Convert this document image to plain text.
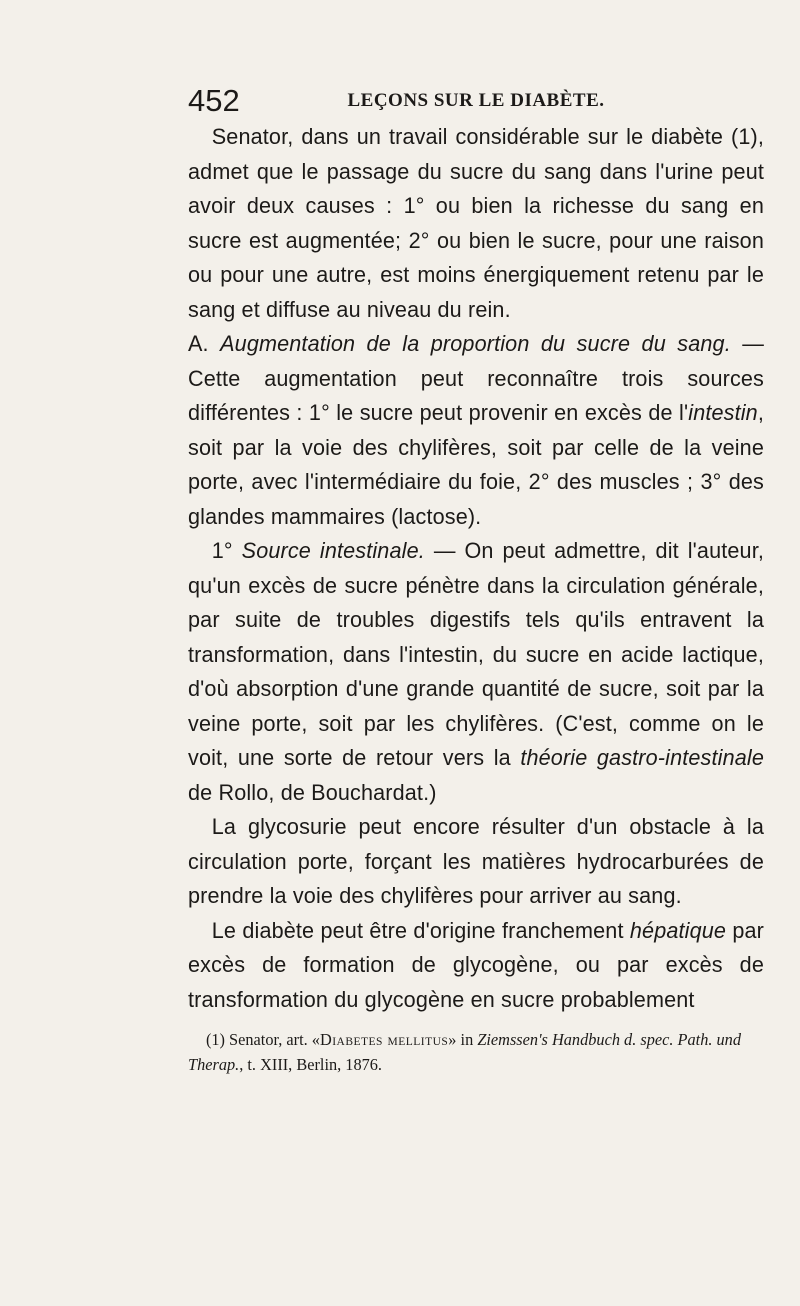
452	LEÇONS SUR LE DIABÈTE.

Senator, dans un travail considérable sur le diabète (1), admet que le passage du sucre du sang dans l'urine peut avoir deux causes : 1° ou bien la richesse du sang en sucre est augmentée; 2° ou bien le sucre, pour une raison ou pour une autre, est moins énergiquement retenu par le sang et diffuse au niveau du rein.

A. Augmentation de la proportion du sucre du sang. — Cette augmentation peut reconnaître trois sources différentes : 1° le sucre peut provenir en excès de l'intestin, soit par la voie des chylifères, soit par celle de la veine porte, avec l'intermédiaire du foie, 2° des muscles ; 3° des glandes mammaires (lactose).

1° Source intestinale. — On peut admettre, dit l'auteur, qu'un excès de sucre pénètre dans la circulation générale, par suite de troubles digestifs tels qu'ils entravent la transformation, dans l'intestin, du sucre en acide lactique, d'où absorption d'une grande quantité de sucre, soit par la veine porte, soit par les chylifères. (C'est, comme on le voit, une sorte de retour vers la théorie gastro-intestinale de Rollo, de Bouchardat.)

La glycosurie peut encore résulter d'un obstacle à la circulation porte, forçant les matières hydrocarburées de prendre la voie des chylifères pour arriver au sang.

Le diabète peut être d'origine franchement hépatique par excès de formation de glycogène, ou par excès de transformation du glycogène en sucre probablement

(1) Senator, art. «Diabetes mellitus» in Ziemssen's Handbuch d. spec. Path. und Therap., t. XIII, Berlin, 1876.
